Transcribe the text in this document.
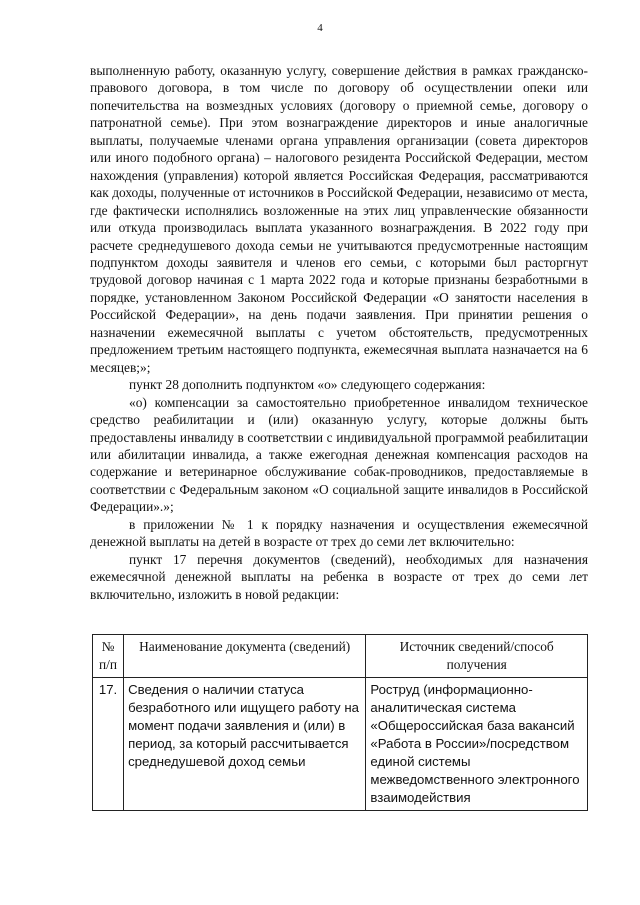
4

выполненную работу, оказанную услугу, совершение действия в рамках гражданско-правового договора, в том числе по договору об осуществлении опеки или попечительства на возмездных условиях (договору о приемной семье, договору о патронатной семье). При этом вознаграждение директоров и иные аналогичные выплаты, получаемые членами органа управления организации (совета директоров или иного подобного органа) – налогового резидента Российской Федерации, местом нахождения (управления) которой является Российская Федерация, рассматриваются как доходы, полученные от источников в Российской Федерации, независимо от места, где фактически исполнялись возложенные на этих лиц управленческие обязанности или откуда производилась выплата указанного вознаграждения. В 2022 году при расчете среднедушевого дохода семьи не учитываются предусмотренные настоящим подпунктом доходы заявителя и членов его семьи, с которыми был расторгнут трудовой договор начиная с 1 марта 2022 года и которые признаны безработными в порядке, установленном Законом Российской Федерации «О занятости населения в Российской Федерации», на день подачи заявления. При принятии решения о назначении ежемесячной выплаты с учетом обстоятельств, предусмотренных предложением третьим настоящего подпункта, ежемесячная выплата назначается на 6 месяцев;»;

пункт 28 дополнить подпунктом «о» следующего содержания:

«о) компенсации за самостоятельно приобретенное инвалидом техническое средство реабилитации и (или) оказанную услугу, которые должны быть предоставлены инвалиду в соответствии с индивидуальной программой реабилитации или абилитации инвалида, а также ежегодная денежная компенсация расходов на содержание и ветеринарное обслуживание собак-проводников, предоставляемые в соответствии с Федеральным законом «О социальной защите инвалидов в Российской Федерации».»;

в приложении № 1 к порядку назначения и осуществления ежемесячной денежной выплаты на детей в возрасте от трех до семи лет включительно:

пункт 17 перечня документов (сведений), необходимых для назначения ежемесячной денежной выплаты на ребенка в возрасте от трех до семи лет включительно, изложить в новой редакции:

№ п/п	Наименование документа (сведений)	Источник сведений/способ получения
17.	Сведения о наличии статуса безработного или ищущего работу на момент подачи заявления и (или) в период, за который рассчитывается среднедушевой доход семьи	Роструд (информационно-аналитическая система «Общероссийская база вакансий «Работа в России»/посредством единой системы межведомственного электронного взаимодействия
